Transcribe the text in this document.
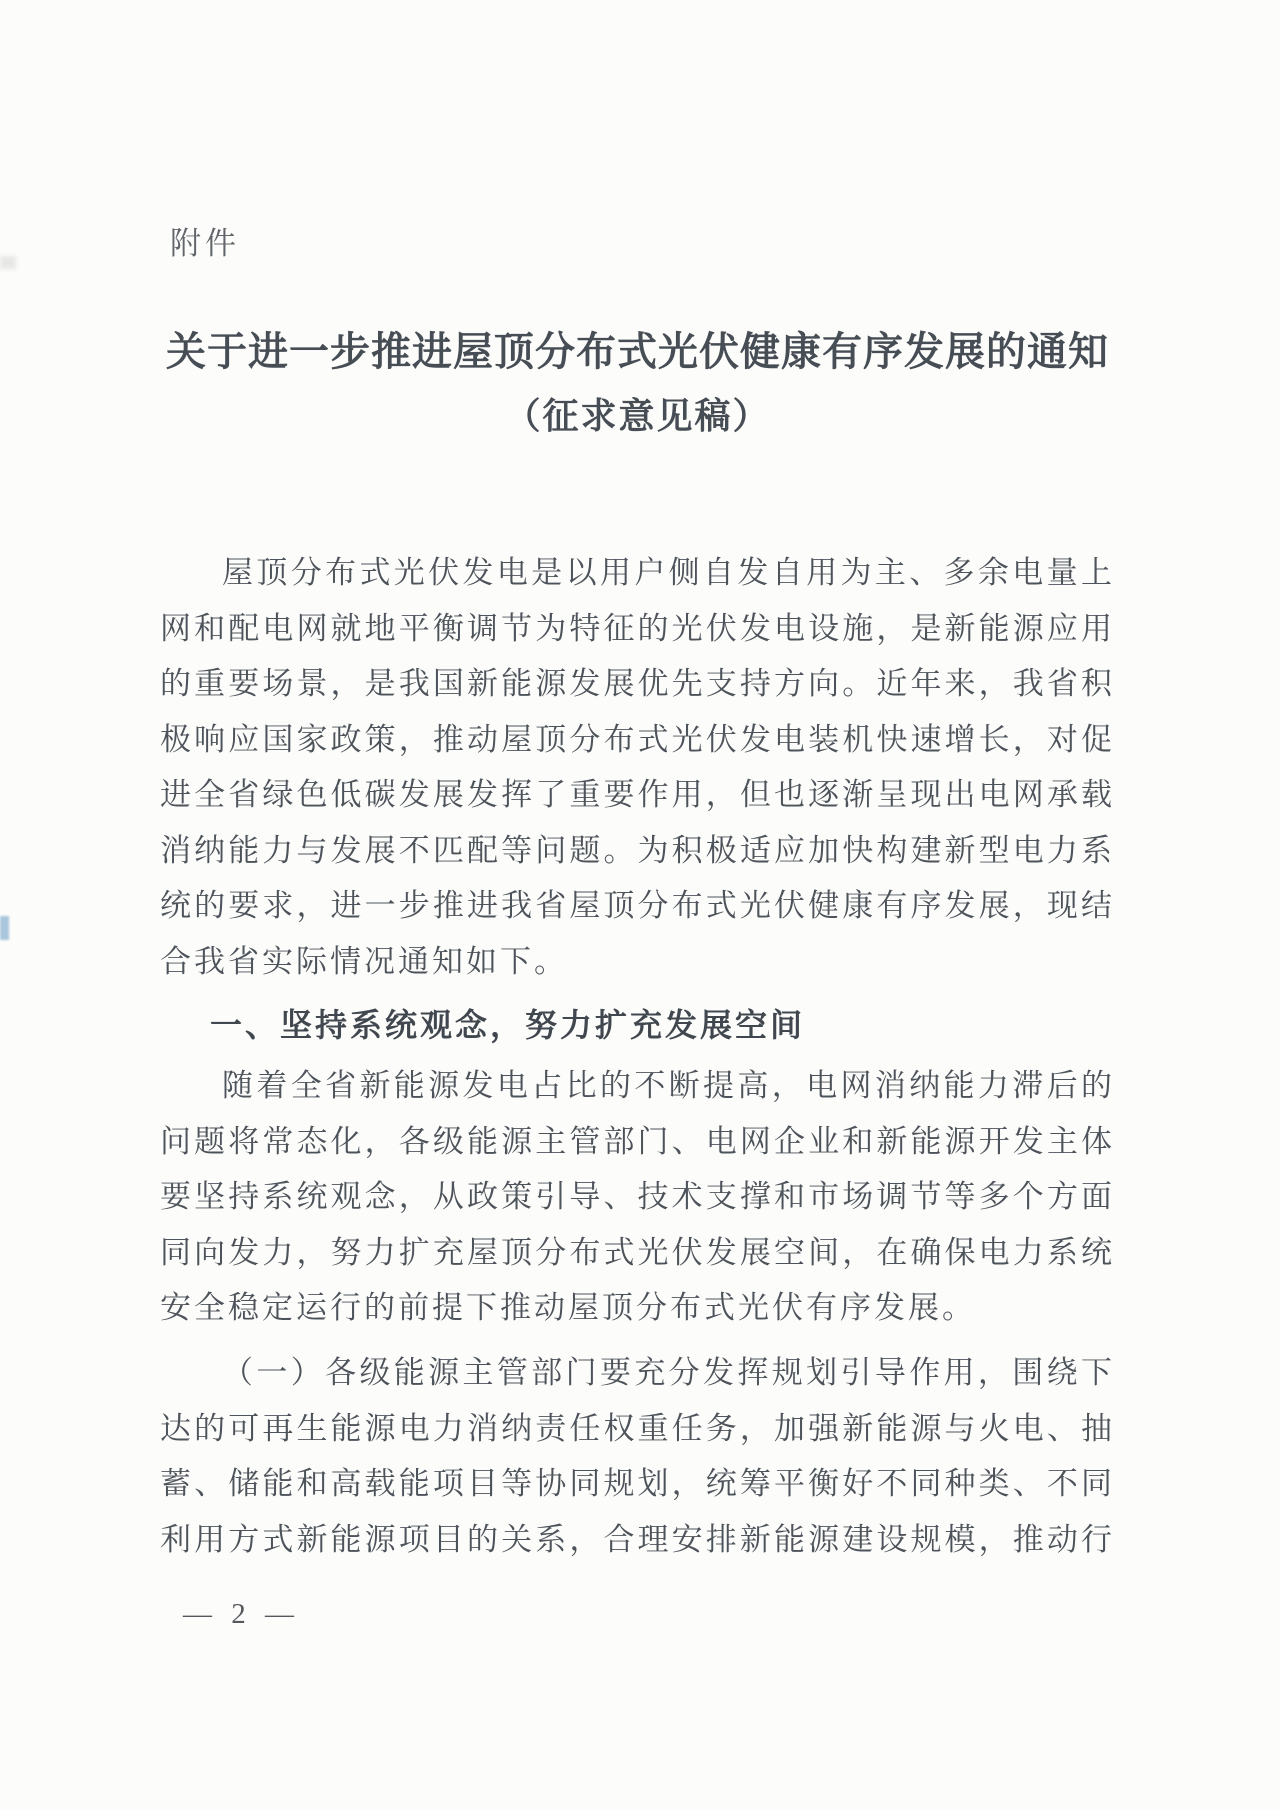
附件
关于进一步推进屋顶分布式光伏健康有序发展的通知
（征求意见稿）
屋顶分布式光伏发电是以用户侧自发自用为主、多余电量上
网和配电网就地平衡调节为特征的光伏发电设施，是新能源应用
的重要场景，是我国新能源发展优先支持方向。近年来，我省积
极响应国家政策，推动屋顶分布式光伏发电装机快速增长，对促
进全省绿色低碳发展发挥了重要作用，但也逐渐呈现出电网承载
消纳能力与发展不匹配等问题。为积极适应加快构建新型电力系
统的要求，进一步推进我省屋顶分布式光伏健康有序发展，现结
合我省实际情况通知如下。
一、坚持系统观念，努力扩充发展空间
随着全省新能源发电占比的不断提高，电网消纳能力滞后的
问题将常态化，各级能源主管部门、电网企业和新能源开发主体
要坚持系统观念，从政策引导、技术支撑和市场调节等多个方面
同向发力，努力扩充屋顶分布式光伏发展空间，在确保电力系统
安全稳定运行的前提下推动屋顶分布式光伏有序发展。
（一）各级能源主管部门要充分发挥规划引导作用，围绕下
达的可再生能源电力消纳责任权重任务，加强新能源与火电、抽
蓄、储能和高载能项目等协同规划，统筹平衡好不同种类、不同
利用方式新能源项目的关系，合理安排新能源建设规模，推动行
— 2 —
